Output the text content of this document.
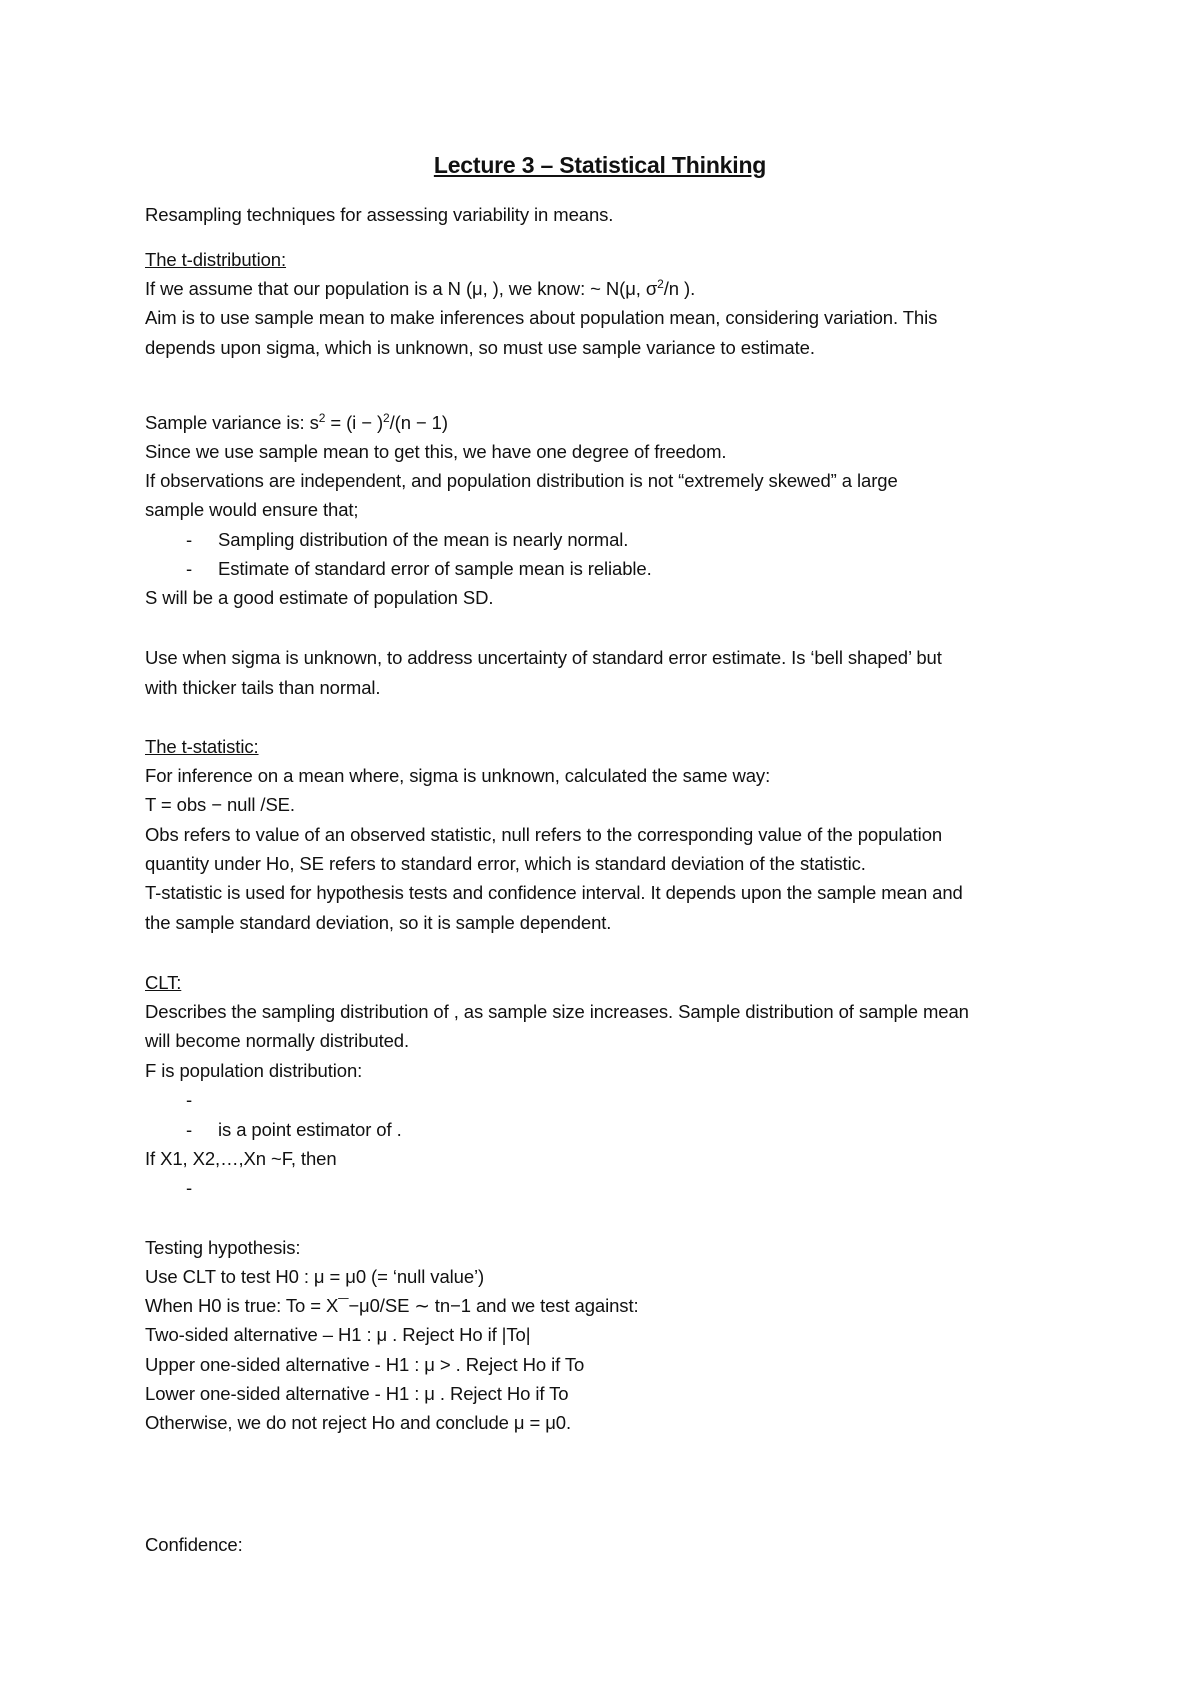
Lecture 3 – Statistical Thinking
Resampling techniques for assessing variability in means.
The t-distribution:
If we assume that our population is a N (μ, ), we know: ~ N(μ, $\sigma^2/n$ ).
Aim is to use sample mean to make inferences about population mean, considering variation. This
depends upon sigma, which is unknown, so must use sample variance to estimate.
Sample variance is: $s^2 = (i - )^2/(n - 1)$
Since we use sample mean to get this, we have one degree of freedom.
If observations are independent, and population distribution is not “extremely skewed” a large
sample would ensure that;
- Sampling distribution of the mean is nearly normal.
- Estimate of standard error of sample mean is reliable.
S will be a good estimate of population SD.
Use when sigma is unknown, to address uncertainty of standard error estimate. Is ‘bell shaped’ but
with thicker tails than normal.
The t-statistic:
For inference on a mean where, sigma is unknown, calculated the same way:
T = obs − null /SE.
Obs refers to value of an observed statistic, null refers to the corresponding value of the population
quantity under Ho, SE refers to standard error, which is standard deviation of the statistic.
T-statistic is used for hypothesis tests and confidence interval. It depends upon the sample mean and
the sample standard deviation, so it is sample dependent.
CLT:
Describes the sampling distribution of , as sample size increases. Sample distribution of sample mean
will become normally distributed.
F is population distribution:
-
- is a point estimator of .
If X1, X2,…,Xn ~F, then
-
Testing hypothesis:
Use CLT to test H0 : μ = μ0 (= ‘null value’)
When H0 is true: To = X¯−μ0/SE ∼ tn−1 and we test against:
Two-sided alternative – H1 : μ . Reject Ho if |To|
Upper one-sided alternative - H1 : μ > . Reject Ho if To
Lower one-sided alternative - H1 : μ . Reject Ho if To
Otherwise, we do not reject Ho and conclude μ = μ0.
Confidence:
